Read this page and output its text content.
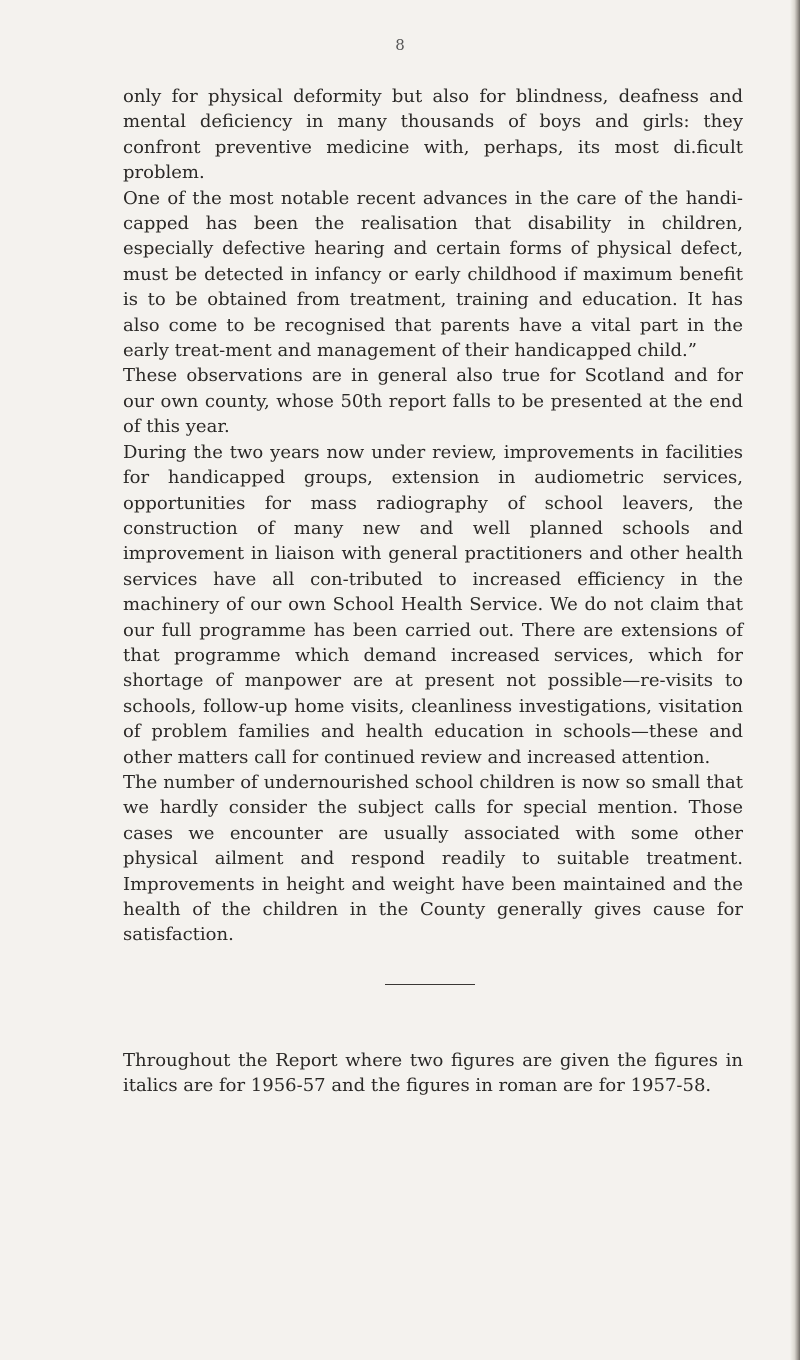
8

only for physical deformity but also for blindness, deafness and mental deficiency in many thousands of boys and girls: they confront preventive medicine with, perhaps, its most di.ficult problem.

One of the most notable recent advances in the care of the handi-capped has been the realisation that disability in children, especially defective hearing and certain forms of physical defect, must be detected in infancy or early childhood if maximum benefit is to be obtained from treatment, training and education. It has also come to be recognised that parents have a vital part in the early treat-ment and management of their handicapped child.”

These observations are in general also true for Scotland and for our own county, whose 50th report falls to be presented at the end of this year.

During the two years now under review, improvements in facilities for handicapped groups, extension in audiometric services, opportunities for mass radiography of school leavers, the construction of many new and well planned schools and improvement in liaison with general practitioners and other health services have all con-tributed to increased efficiency in the machinery of our own School Health Service. We do not claim that our full programme has been carried out. There are extensions of that programme which demand increased services, which for shortage of manpower are at present not possible—re-visits to schools, follow-up home visits, cleanliness investigations, visitation of problem families and health education in schools—these and other matters call for continued review and increased attention.

The number of undernourished school children is now so small that we hardly consider the subject calls for special mention. Those cases we encounter are usually associated with some other physical ailment and respond readily to suitable treatment. Improvements in height and weight have been maintained and the health of the children in the County generally gives cause for satisfaction.

Throughout the Report where two figures are given the figures in italics are for 1956-57 and the figures in roman are for 1957-58.
